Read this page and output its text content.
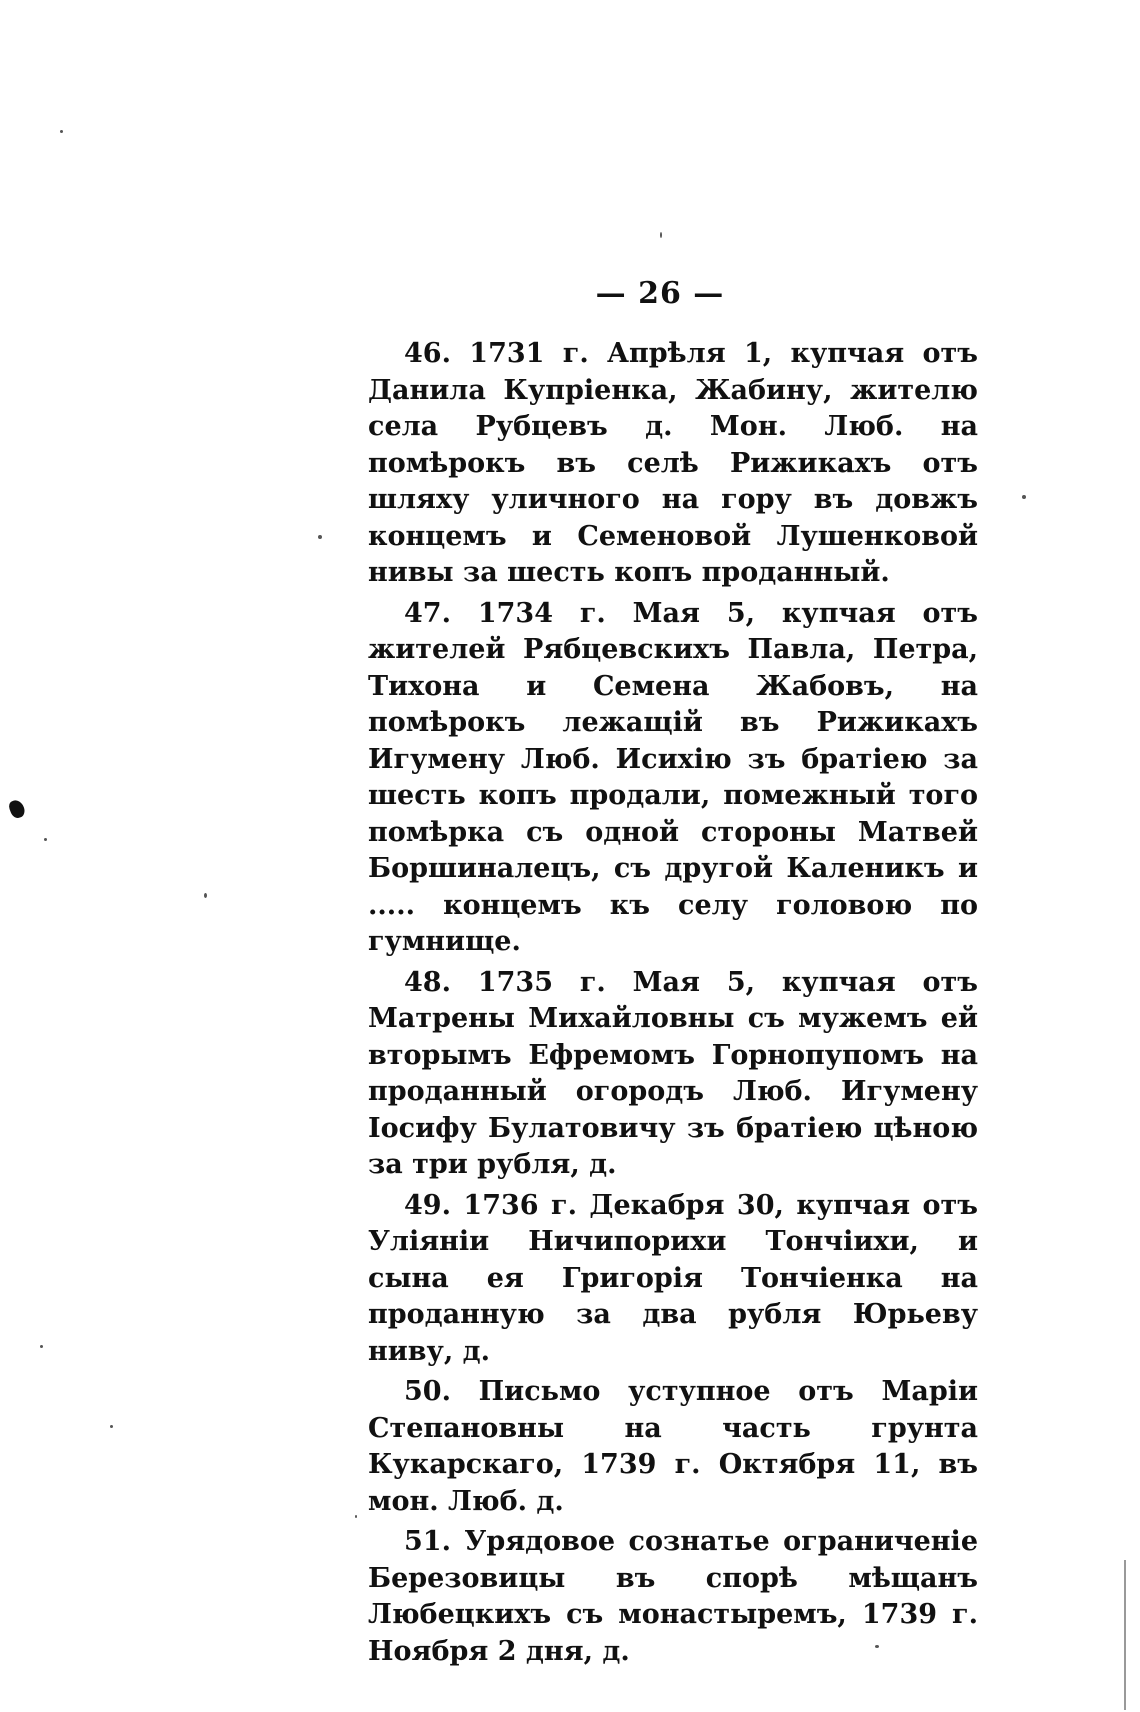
— 26 —

46. 1731 г. Апрѣля 1, купчая отъ Данила Купріенка, Жабину, жителю села Рубцевъ д. Мон. Люб. на помѣрокъ въ селѣ Рижикахъ отъ шляху уличного на гору въ довжъ концемъ и Семеновой Лушенковой нивы за шесть копъ проданный.

47. 1734 г. Мая 5, купчая отъ жителей Рябцевскихъ Павла, Петра, Тихона и Семена Жабовъ, на помѣрокъ лежащій въ Рижикахъ Игумену Люб. Исихію зъ братіею за шесть копъ продали, помежный того помѣрка съ одной стороны Матвей Боршиналецъ, съ другой Каленикъ и ..... концемъ къ селу головою по гумнище.

48. 1735 г. Мая 5, купчая отъ Матрены Михайловны съ мужемъ ей вторымъ Ефремомъ Горнопупомъ на проданный огородъ Люб. Игумену Іосифу Булатовичу зъ братіею цѣною за три рубля, д.

49. 1736 г. Декабря 30, купчая отъ Уліяніи Ничипорихи Тончіихи, и сына ея Григорія Тончіенка на проданную за два рубля Юрьеву ниву, д.

50. Письмо уступное отъ Маріи Степановны на часть грунта Кукарскаго, 1739 г. Октября 11, въ мон. Люб. д.

51. Урядовое сознатье ограниченіе Березовицы въ спорѣ мѣщанъ Любецкихъ съ монастыремъ, 1739 г. Ноября 2 дня, д.
